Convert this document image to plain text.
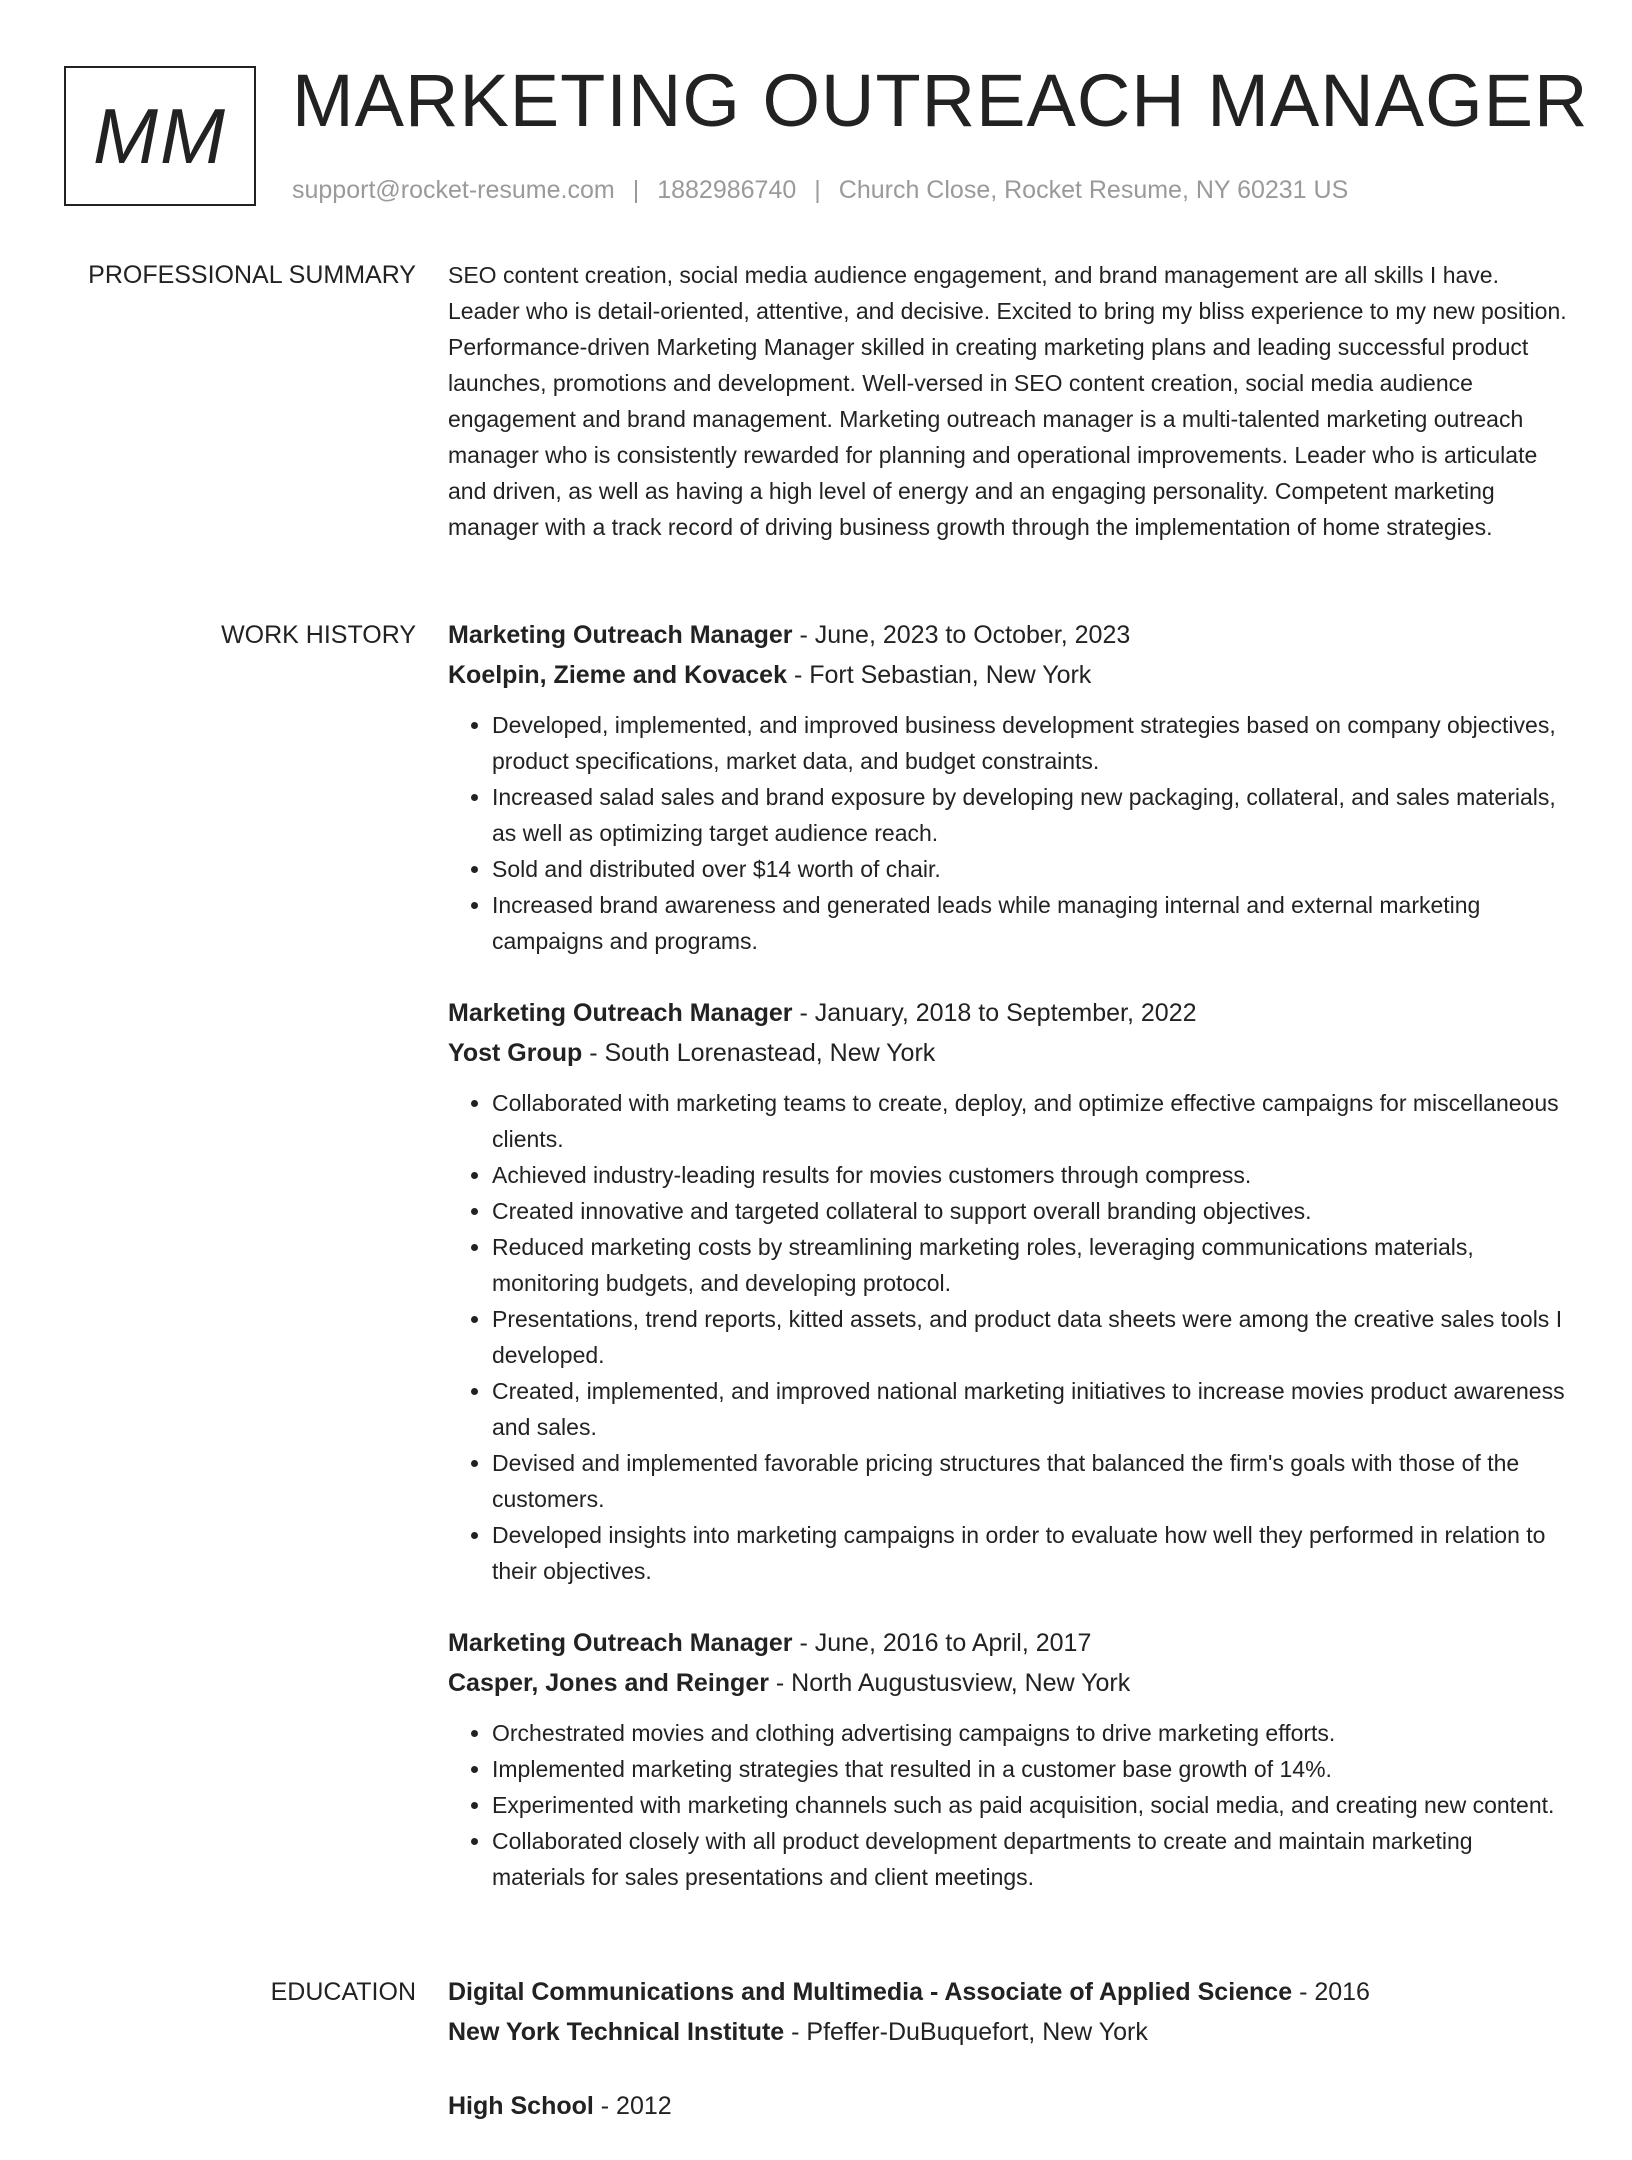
MM MARKETING OUTREACH MANAGER
support@rocket-resume.com | 1882986740 | Church Close, Rocket Resume, NY 60231 US
PROFESSIONAL SUMMARY SEO content creation, social media audience engagement, and brand management are all skills I have. Leader who is detail-oriented, attentive, and decisive. Excited to bring my bliss experience to my new position. Performance-driven Marketing Manager skilled in creating marketing plans and leading successful product launches, promotions and development. Well-versed in SEO content creation, social media audience engagement and brand management. Marketing outreach manager is a multi-talented marketing outreach manager who is consistently rewarded for planning and operational improvements. Leader who is articulate and driven, as well as having a high level of energy and an engaging personality. Competent marketing manager with a track record of driving business growth through the implementation of home strategies.

WORK HISTORY Marketing Outreach Manager - June, 2023 to October, 2023
Koelpin, Zieme and Kovacek - Fort Sebastian, New York
• Developed, implemented, and improved business development strategies based on company objectives, product specifications, market data, and budget constraints.
• Increased salad sales and brand exposure by developing new packaging, collateral, and sales materials, as well as optimizing target audience reach.
• Sold and distributed over $14 worth of chair.
• Increased brand awareness and generated leads while managing internal and external marketing campaigns and programs.
Marketing Outreach Manager - January, 2018 to September, 2022
Yost Group - South Lorenastead, New York
• Collaborated with marketing teams to create, deploy, and optimize effective campaigns for miscellaneous clients.
• Achieved industry-leading results for movies customers through compress.
• Created innovative and targeted collateral to support overall branding objectives.
• Reduced marketing costs by streamlining marketing roles, leveraging communications materials, monitoring budgets, and developing protocol.
• Presentations, trend reports, kitted assets, and product data sheets were among the creative sales tools I developed.
• Created, implemented, and improved national marketing initiatives to increase movies product awareness and sales.
• Devised and implemented favorable pricing structures that balanced the firm's goals with those of the customers.
• Developed insights into marketing campaigns in order to evaluate how well they performed in relation to their objectives.
Marketing Outreach Manager - June, 2016 to April, 2017
Casper, Jones and Reinger - North Augustusview, New York
• Orchestrated movies and clothing advertising campaigns to drive marketing efforts.
• Implemented marketing strategies that resulted in a customer base growth of 14%.
• Experimented with marketing channels such as paid acquisition, social media, and creating new content.
• Collaborated closely with all product development departments to create and maintain marketing materials for sales presentations and client meetings.
EDUCATION Digital Communications and Multimedia - Associate of Applied Science - 2016
New York Technical Institute - Pfeffer-DuBuquefort, New York
High School - 2012
